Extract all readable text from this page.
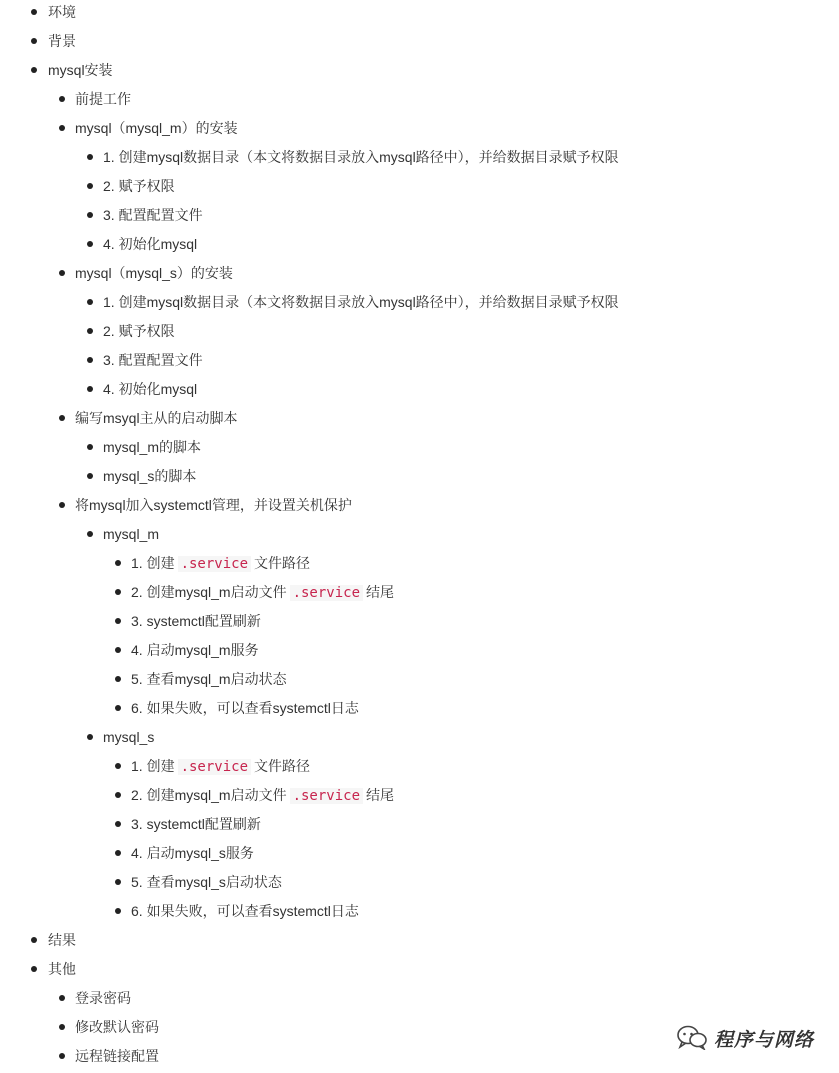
环境
背景
mysql安装
前提工作
mysql（mysql_m）的安装
1. 创建mysql数据目录（本文将数据目录放入mysql路径中），并给数据目录赋予权限
2. 赋予权限
3. 配置配置文件
4. 初始化mysql
mysql（mysql_s）的安装
1. 创建mysql数据目录（本文将数据目录放入mysql路径中），并给数据目录赋予权限
2. 赋予权限
3. 配置配置文件
4. 初始化mysql
编写msyql主从的启动脚本
mysql_m的脚本
mysql_s的脚本
将mysql加入systemctl管理，并设置关机保护
mysql_m
1. 创建 .service 文件路径
2. 创建mysql_m启动文件 .service 结尾
3. systemctl配置刷新
4. 启动mysql_m服务
5. 查看mysql_m启动状态
6. 如果失败，可以查看systemctl日志
mysql_s
1. 创建 .service 文件路径
2. 创建mysql_m启动文件 .service 结尾
3. systemctl配置刷新
4. 启动mysql_s服务
5. 查看mysql_s启动状态
6. 如果失败，可以查看systemctl日志
结果
其他
登录密码
修改默认密码
远程链接配置
程序与网络
